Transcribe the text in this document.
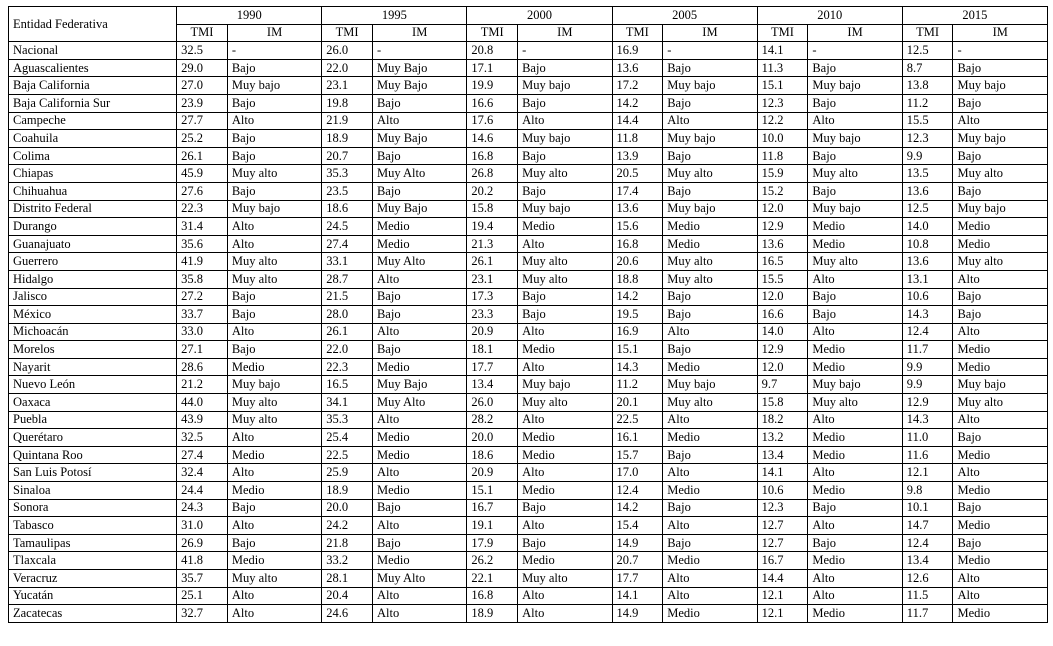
Entidad Federativa	1990		1995		2000		2005		2010		2015	
	TMI	IM	TMI	IM	TMI	IM	TMI	IM	TMI	IM	TMI	IM
Nacional	32.5	-	26.0	-	20.8	-	16.9	-	14.1	-	12.5	-
Aguascalientes	29.0	Bajo	22.0	Muy Bajo	17.1	Bajo	13.6	Bajo	11.3	Bajo	8.7	Bajo
Baja California	27.0	Muy bajo	23.1	Muy Bajo	19.9	Muy bajo	17.2	Muy bajo	15.1	Muy bajo	13.8	Muy bajo
Baja California Sur	23.9	Bajo	19.8	Bajo	16.6	Bajo	14.2	Bajo	12.3	Bajo	11.2	Bajo
Campeche	27.7	Alto	21.9	Alto	17.6	Alto	14.4	Alto	12.2	Alto	15.5	Alto
Coahuila	25.2	Bajo	18.9	Muy Bajo	14.6	Muy bajo	11.8	Muy bajo	10.0	Muy bajo	12.3	Muy bajo
Colima	26.1	Bajo	20.7	Bajo	16.8	Bajo	13.9	Bajo	11.8	Bajo	9.9	Bajo
Chiapas	45.9	Muy alto	35.3	Muy Alto	26.8	Muy alto	20.5	Muy alto	15.9	Muy alto	13.5	Muy alto
Chihuahua	27.6	Bajo	23.5	Bajo	20.2	Bajo	17.4	Bajo	15.2	Bajo	13.6	Bajo
Distrito Federal	22.3	Muy bajo	18.6	Muy Bajo	15.8	Muy bajo	13.6	Muy bajo	12.0	Muy bajo	12.5	Muy bajo
Durango	31.4	Alto	24.5	Medio	19.4	Medio	15.6	Medio	12.9	Medio	14.0	Medio
Guanajuato	35.6	Alto	27.4	Medio	21.3	Alto	16.8	Medio	13.6	Medio	10.8	Medio
Guerrero	41.9	Muy alto	33.1	Muy Alto	26.1	Muy alto	20.6	Muy alto	16.5	Muy alto	13.6	Muy alto
Hidalgo	35.8	Muy alto	28.7	Alto	23.1	Muy alto	18.8	Muy alto	15.5	Alto	13.1	Alto
Jalisco	27.2	Bajo	21.5	Bajo	17.3	Bajo	14.2	Bajo	12.0	Bajo	10.6	Bajo
México	33.7	Bajo	28.0	Bajo	23.3	Bajo	19.5	Bajo	16.6	Bajo	14.3	Bajo
Michoacán	33.0	Alto	26.1	Alto	20.9	Alto	16.9	Alto	14.0	Alto	12.4	Alto
Morelos	27.1	Bajo	22.0	Bajo	18.1	Medio	15.1	Bajo	12.9	Medio	11.7	Medio
Nayarit	28.6	Medio	22.3	Medio	17.7	Alto	14.3	Medio	12.0	Medio	9.9	Medio
Nuevo León	21.2	Muy bajo	16.5	Muy Bajo	13.4	Muy bajo	11.2	Muy bajo	9.7	Muy bajo	9.9	Muy bajo
Oaxaca	44.0	Muy alto	34.1	Muy Alto	26.0	Muy alto	20.1	Muy alto	15.8	Muy alto	12.9	Muy alto
Puebla	43.9	Muy alto	35.3	Alto	28.2	Alto	22.5	Alto	18.2	Alto	14.3	Alto
Querétaro	32.5	Alto	25.4	Medio	20.0	Medio	16.1	Medio	13.2	Medio	11.0	Bajo
Quintana Roo	27.4	Medio	22.5	Medio	18.6	Medio	15.7	Bajo	13.4	Medio	11.6	Medio
San Luis Potosí	32.4	Alto	25.9	Alto	20.9	Alto	17.0	Alto	14.1	Alto	12.1	Alto
Sinaloa	24.4	Medio	18.9	Medio	15.1	Medio	12.4	Medio	10.6	Medio	9.8	Medio
Sonora	24.3	Bajo	20.0	Bajo	16.7	Bajo	14.2	Bajo	12.3	Bajo	10.1	Bajo
Tabasco	31.0	Alto	24.2	Alto	19.1	Alto	15.4	Alto	12.7	Alto	14.7	Medio
Tamaulipas	26.9	Bajo	21.8	Bajo	17.9	Bajo	14.9	Bajo	12.7	Bajo	12.4	Bajo
Tlaxcala	41.8	Medio	33.2	Medio	26.2	Medio	20.7	Medio	16.7	Medio	13.4	Medio
Veracruz	35.7	Muy alto	28.1	Muy Alto	22.1	Muy alto	17.7	Alto	14.4	Alto	12.6	Alto
Yucatán	25.1	Alto	20.4	Alto	16.8	Alto	14.1	Alto	12.1	Alto	11.5	Alto
Zacatecas	32.7	Alto	24.6	Alto	18.9	Alto	14.9	Medio	12.1	Medio	11.7	Medio
